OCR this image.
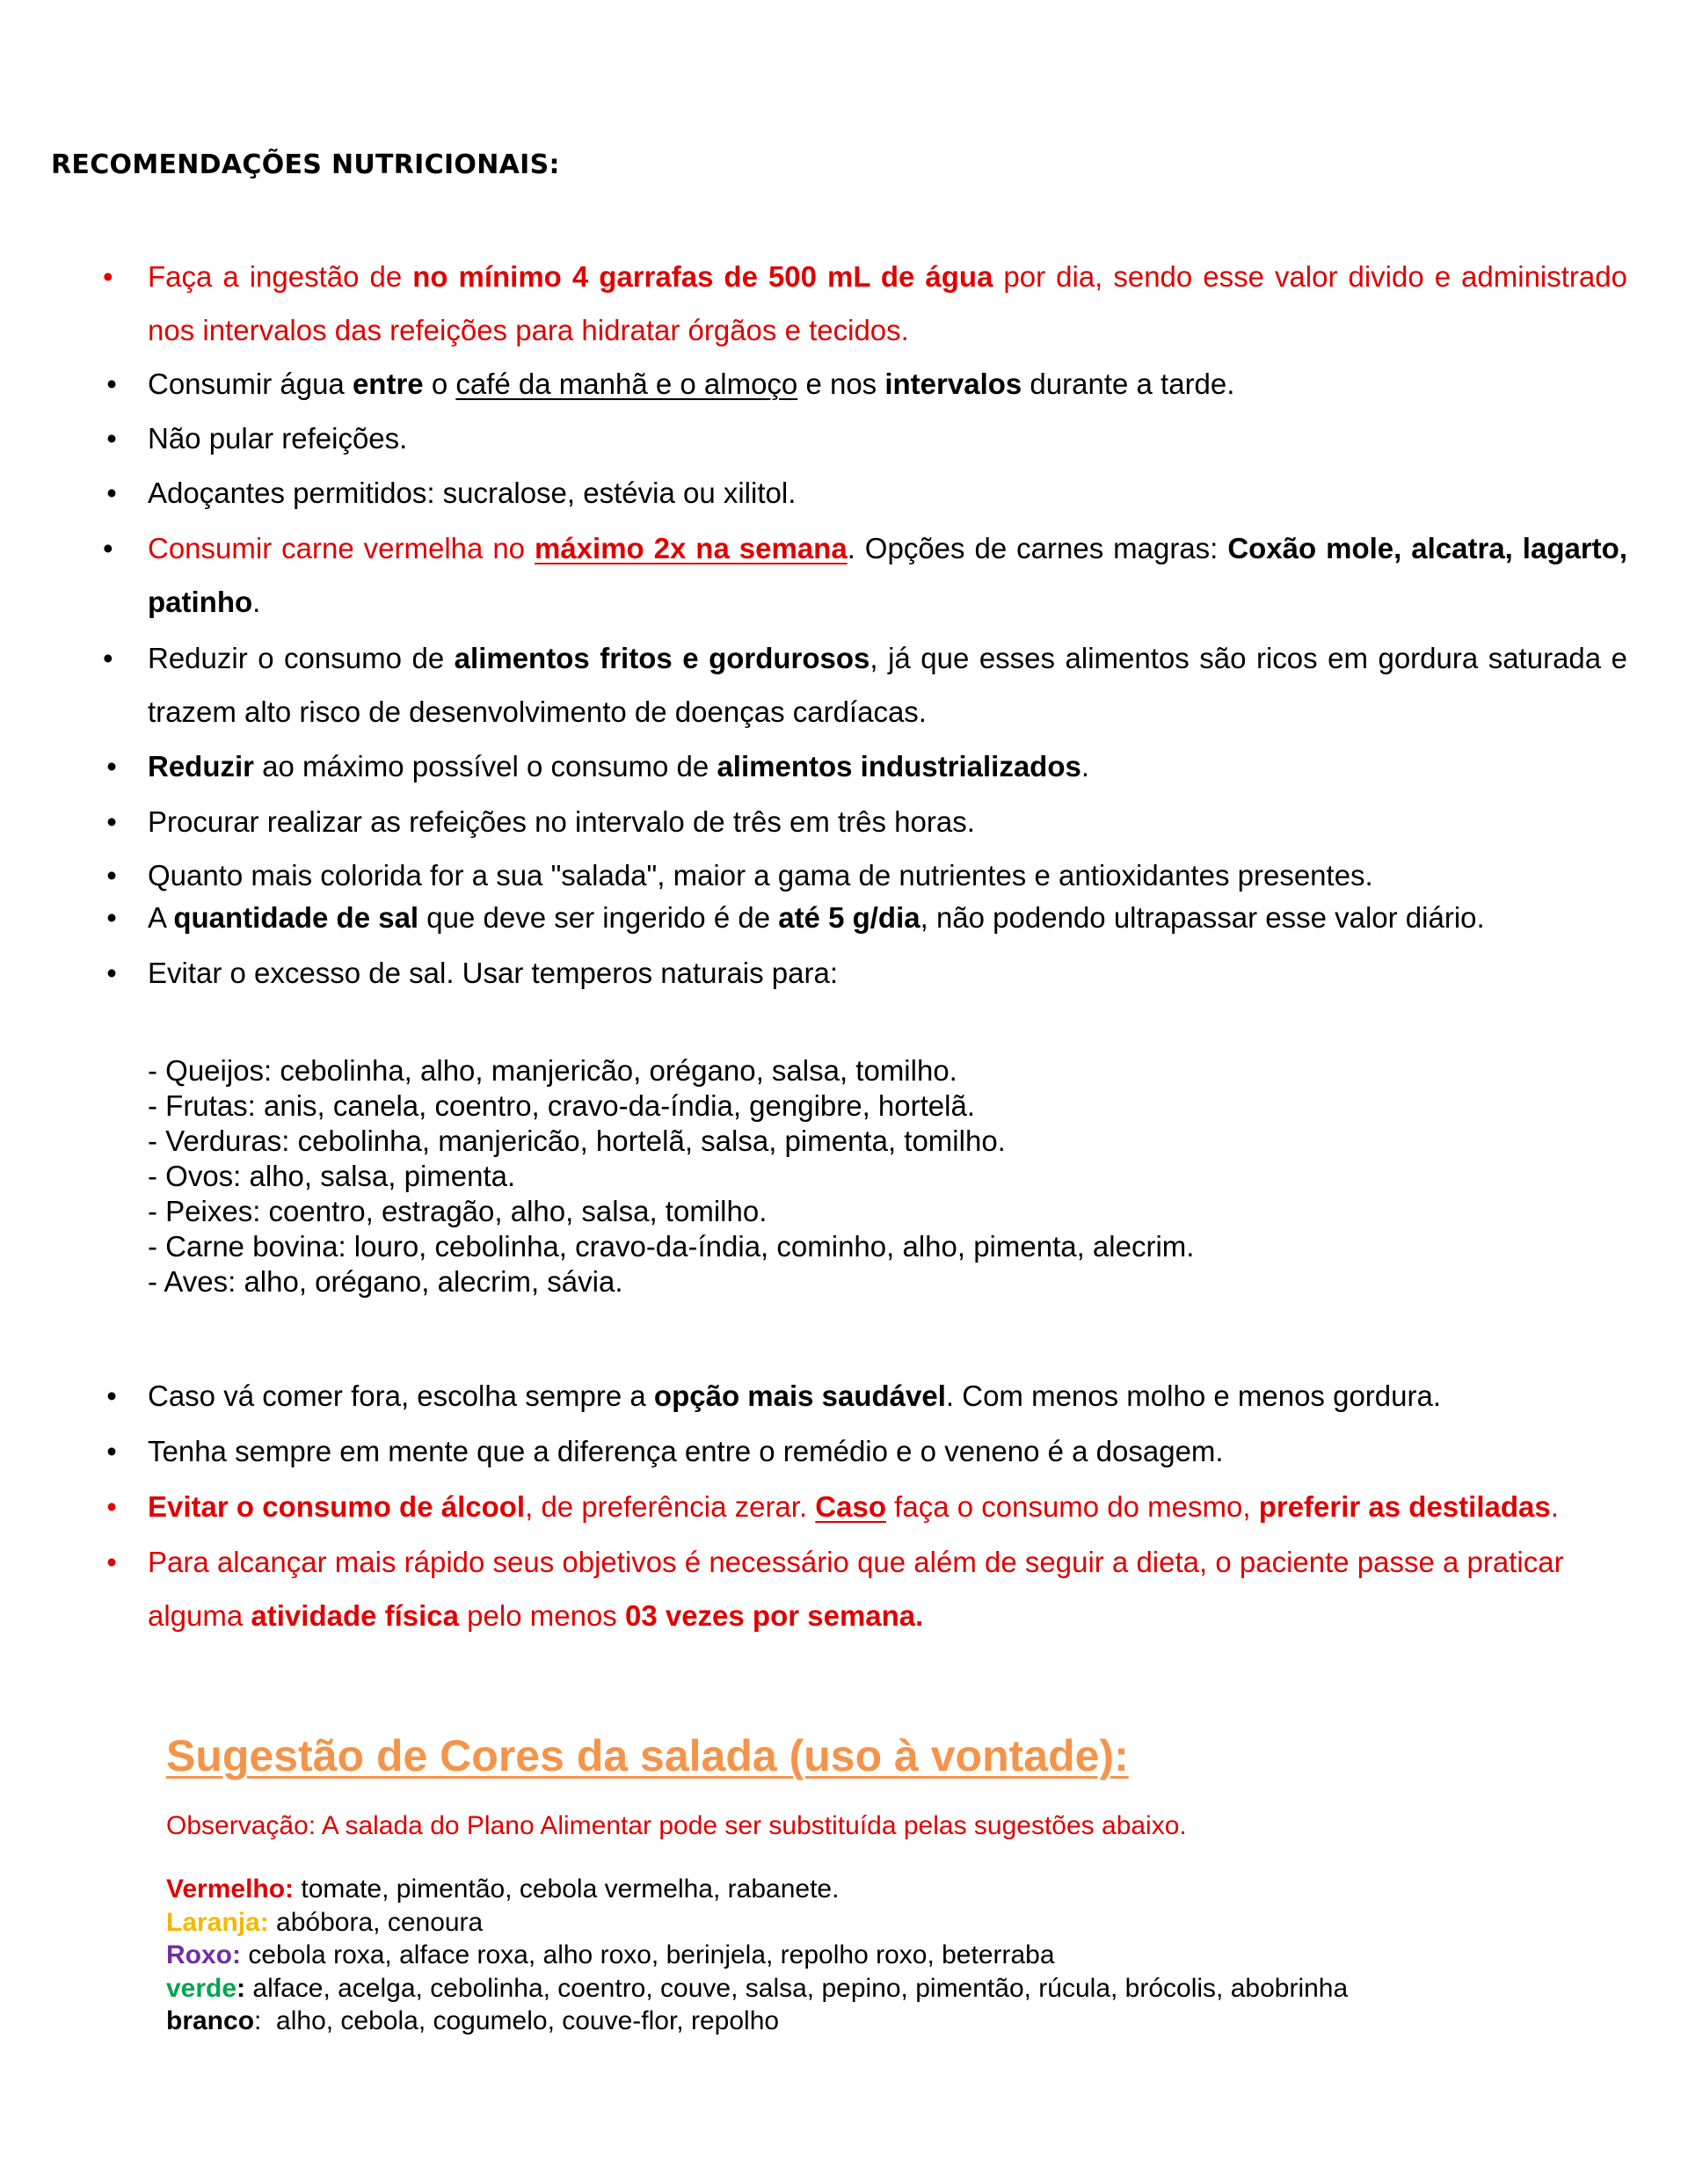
RECOMENDAÇÕES NUTRICIONAIS:
• Faça a ingestão de no mínimo 4 garrafas de 500 mL de água por dia, sendo esse valor divido e administrado nos intervalos das refeições para hidratar órgãos e tecidos.
• Consumir água entre o café da manhã e o almoço e nos intervalos durante a tarde.
• Não pular refeições.
• Adoçantes permitidos: sucralose, estévia ou xilitol.
• Consumir carne vermelha no máximo 2x na semana. Opções de carnes magras: Coxão mole, alcatra, lagarto, patinho.
• Reduzir o consumo de alimentos fritos e gordurosos, já que esses alimentos são ricos em gordura saturada e trazem alto risco de desenvolvimento de doenças cardíacas.
• Reduzir ao máximo possível o consumo de alimentos industrializados.
• Procurar realizar as refeições no intervalo de três em três horas.
• Quanto mais colorida for a sua "salada", maior a gama de nutrientes e antioxidantes presentes.
• A quantidade de sal que deve ser ingerido é de até 5 g/dia, não podendo ultrapassar esse valor diário.
• Evitar o excesso de sal. Usar temperos naturais para:
- Queijos: cebolinha, alho, manjericão, orégano, salsa, tomilho.
- Frutas: anis, canela, coentro, cravo-da-índia, gengibre, hortelã.
- Verduras: cebolinha, manjericão, hortelã, salsa, pimenta, tomilho.
- Ovos: alho, salsa, pimenta.
- Peixes: coentro, estragão, alho, salsa, tomilho.
- Carne bovina: louro, cebolinha, cravo-da-índia, cominho, alho, pimenta, alecrim.
- Aves: alho, orégano, alecrim, sávia.
• Caso vá comer fora, escolha sempre a opção mais saudável. Com menos molho e menos gordura.
• Tenha sempre em mente que a diferença entre o remédio e o veneno é a dosagem.
• Evitar o consumo de álcool, de preferência zerar. Caso faça o consumo do mesmo, preferir as destiladas.
• Para alcançar mais rápido seus objetivos é necessário que além de seguir a dieta, o paciente passe a praticar alguma atividade física pelo menos 03 vezes por semana.
Sugestão de Cores da salada (uso à vontade):
Observação: A salada do Plano Alimentar pode ser substituída pelas sugestões abaixo.
Vermelho: tomate, pimentão, cebola vermelha, rabanete.
Laranja: abóbora, cenoura
Roxo: cebola roxa, alface roxa, alho roxo, berinjela, repolho roxo, beterraba
verde: alface, acelga, cebolinha, coentro, couve, salsa, pepino, pimentão, rúcula, brócolis, abobrinha
branco:  alho, cebola, cogumelo, couve-flor, repolho
